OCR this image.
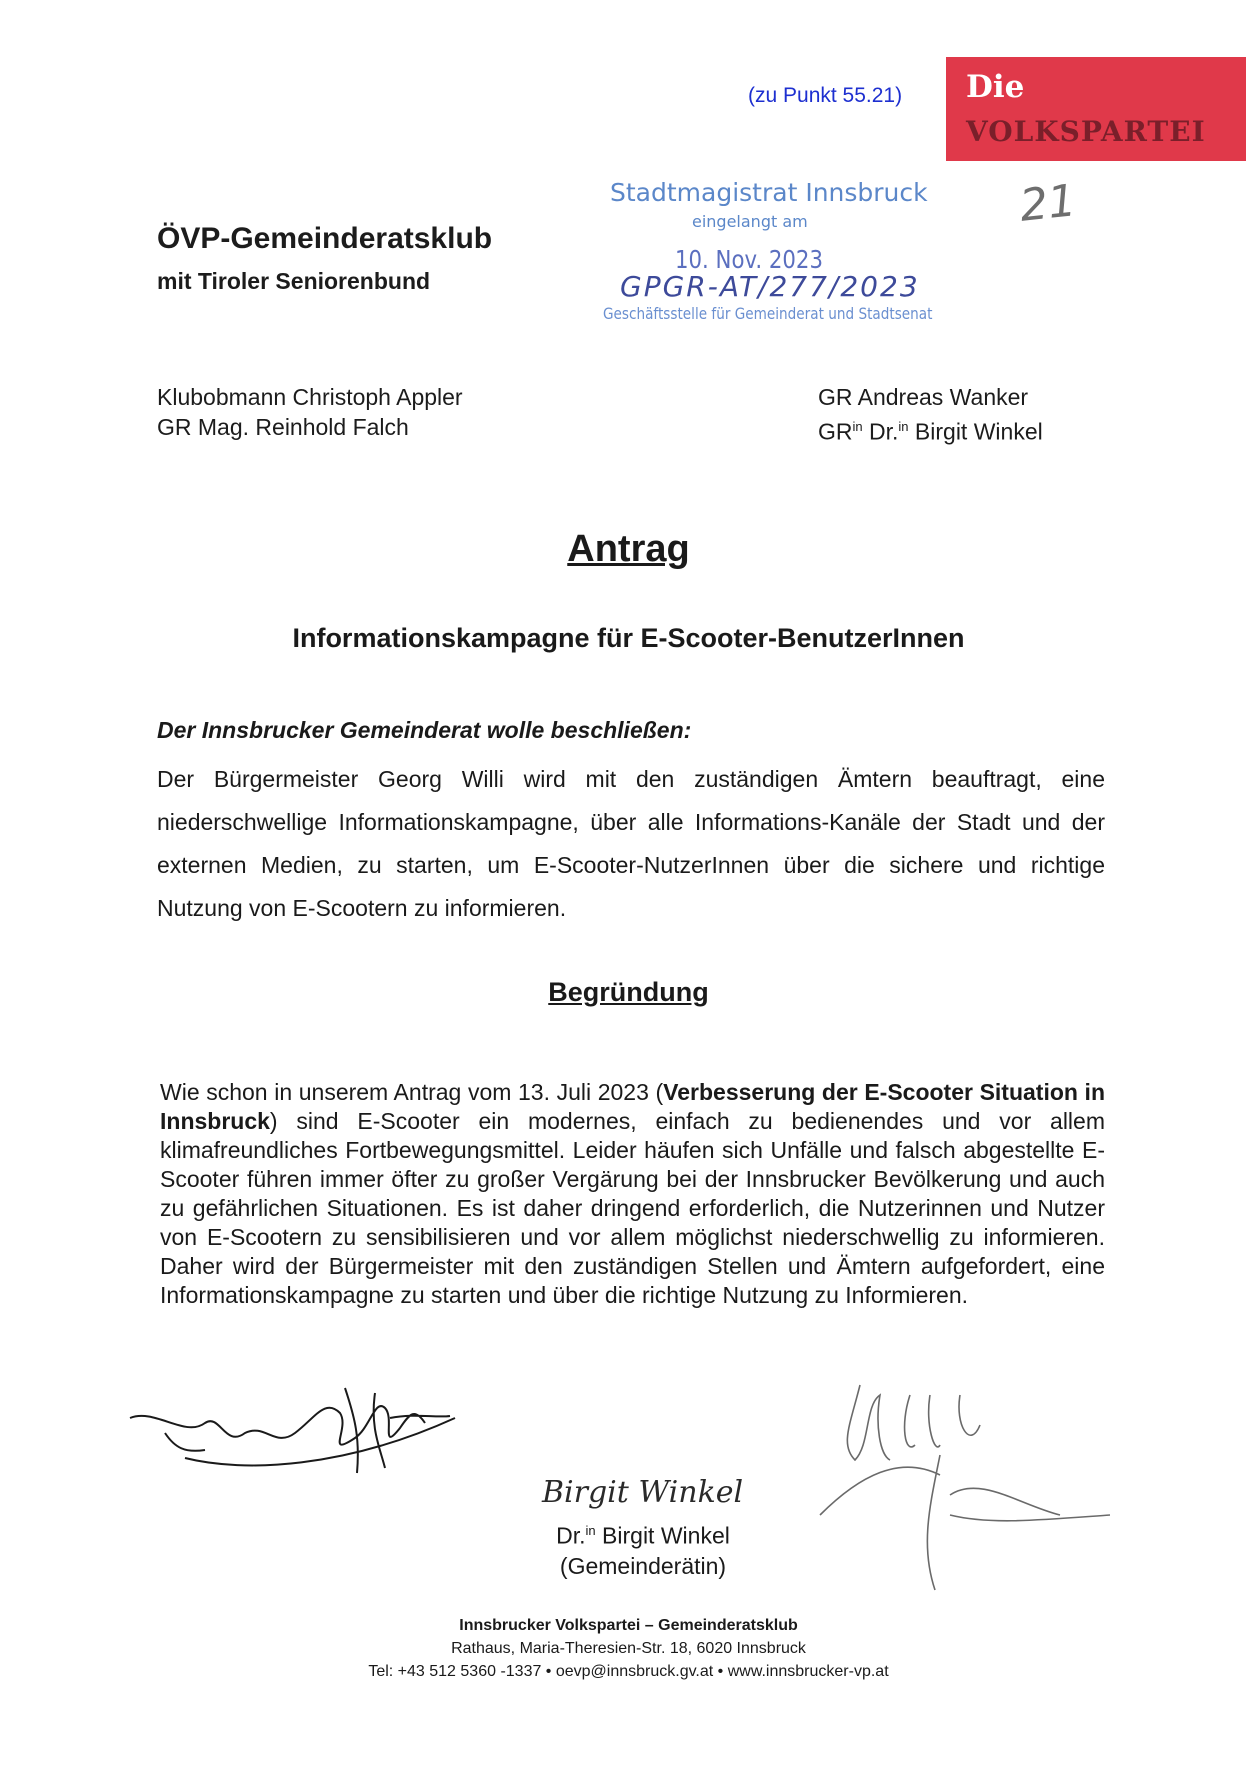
(zu Punkt 55.21) Die
VOLKSPARTEI
21
Stadtmagistrat Innsbruck
eingelangt am
10. Nov. 2023
GPGR-AT/277/2023
Geschäftsstelle für Gemeinderat und Stadtsenat
ÖVP-Gemeinderatsklub
mit Tiroler Seniorenbund
Klubobmann Christoph Appler
GR Mag. Reinhold Falch
GR Andreas Wanker
$GR^{in}$ Dr.$^{in}$ Birgit Winkel
Antrag
Informationskampagne für E-Scooter-BenutzerInnen
Der Innsbrucker Gemeinderat wolle beschließen:
Der Bürgermeister Georg Willi wird mit den zuständigen Ämtern beauftragt, eine niederschwellige Informationskampagne, über alle Informations-Kanäle der Stadt und der externen Medien, zu starten, um E-Scooter-NutzerInnen über die sichere und richtige Nutzung von E-Scootern zu informieren.
Begründung
Wie schon in unserem Antrag vom 13. Juli 2023 (Verbesserung der E-Scooter Situation in Innsbruck) sind E-Scooter ein modernes, einfach zu bedienendes und vor allem klimafreundliches Fortbewegungsmittel. Leider häufen sich Unfälle und falsch abgestellte E-Scooter führen immer öfter zu großer Vergärung bei der Innsbrucker Bevölkerung und auch zu gefährlichen Situationen. Es ist daher dringend erforderlich, die Nutzerinnen und Nutzer von E-Scootern zu sensibilisieren und vor allem möglichst niederschwellig zu informieren. Daher wird der Bürgermeister mit den zuständigen Stellen und Ämtern aufgefordert, eine Informationskampagne zu starten und über die richtige Nutzung zu Informieren.
Birgit Winkel
Dr.$^{in}$ Birgit Winkel
(Gemeinderätin)
Innsbrucker Volkspartei – Gemeinderatsklub
Rathaus, Maria-Theresien-Str. 18, 6020 Innsbruck
Tel: +43 512 5360 -1337 • oevp@innsbruck.gv.at • www.innsbrucker-vp.at
